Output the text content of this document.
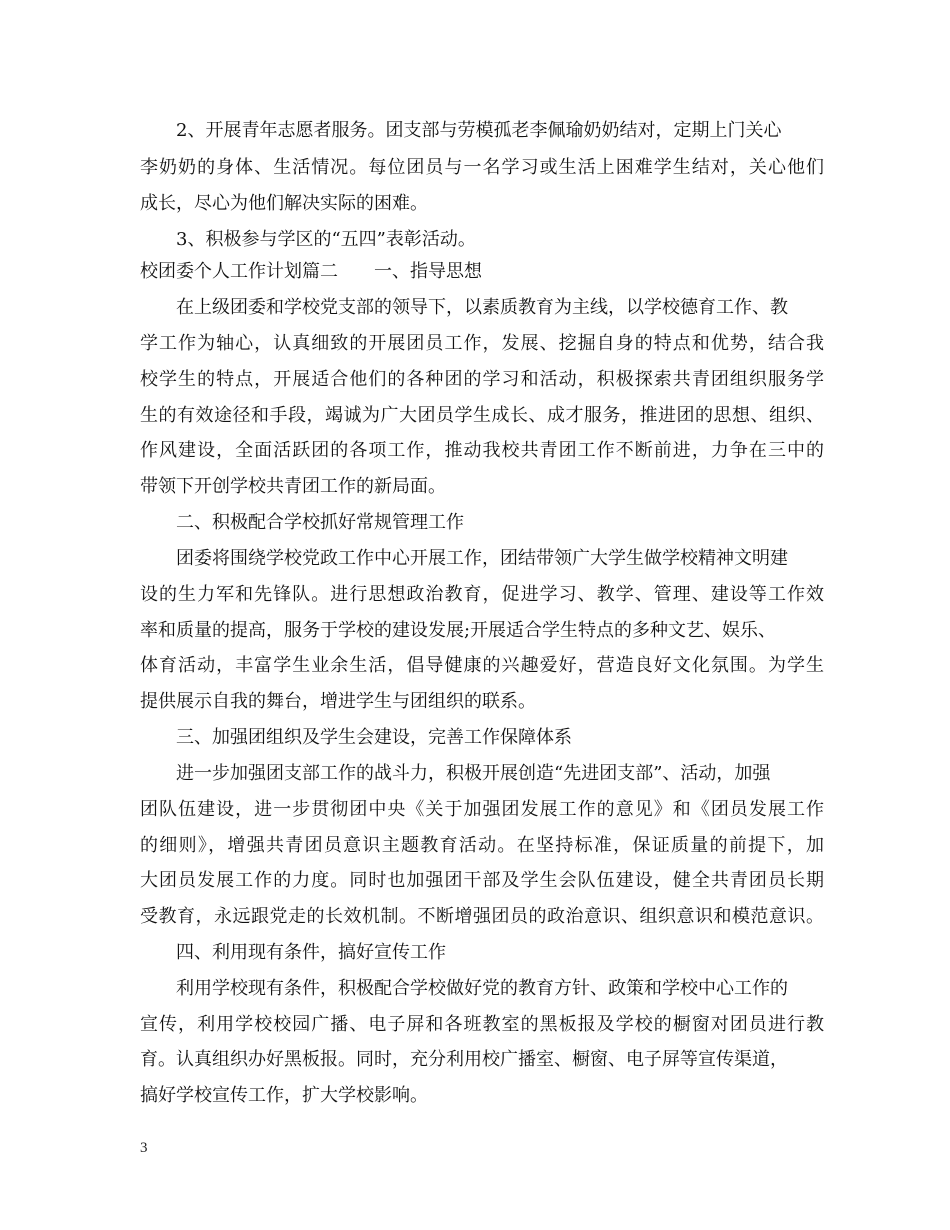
2、开展青年志愿者服务。团支部与劳模孤老李佩瑜奶奶结对，定期上门关心
李奶奶的身体、生活情况。每位团员与一名学习或生活上困难学生结对，关心他们
成长，尽心为他们解决实际的困难。
3、积极参与学区的“五四”表彰活动。
校团委个人工作计划篇二　　一、指导思想
在上级团委和学校党支部的领导下，以素质教育为主线，以学校德育工作、教
学工作为轴心，认真细致的开展团员工作，发展、挖掘自身的特点和优势，结合我
校学生的特点，开展适合他们的各种团的学习和活动，积极探索共青团组织服务学
生的有效途径和手段，竭诚为广大团员学生成长、成才服务，推进团的思想、组织、
作风建设，全面活跃团的各项工作，推动我校共青团工作不断前进，力争在三中的
带领下开创学校共青团工作的新局面。
二、积极配合学校抓好常规管理工作
团委将围绕学校党政工作中心开展工作，团结带领广大学生做学校精神文明建
设的生力军和先锋队。进行思想政治教育，促进学习、教学、管理、建设等工作效
率和质量的提高，服务于学校的建设发展;开展适合学生特点的多种文艺、娱乐、
体育活动，丰富学生业余生活，倡导健康的兴趣爱好，营造良好文化氛围。为学生
提供展示自我的舞台，增进学生与团组织的联系。
三、加强团组织及学生会建设，完善工作保障体系
进一步加强团支部工作的战斗力，积极开展创造“先进团支部”、活动，加强
团队伍建设，进一步贯彻团中央《关于加强团发展工作的意见》和《团员发展工作
的细则》，增强共青团员意识主题教育活动。在坚持标准，保证质量的前提下，加
大团员发展工作的力度。同时也加强团干部及学生会队伍建设，健全共青团员长期
受教育，永远跟党走的长效机制。不断增强团员的政治意识、组织意识和模范意识。
四、利用现有条件，搞好宣传工作
利用学校现有条件，积极配合学校做好党的教育方针、政策和学校中心工作的
宣传，利用学校校园广播、电子屏和各班教室的黑板报及学校的橱窗对团员进行教
育。认真组织办好黑板报。同时，充分利用校广播室、橱窗、电子屏等宣传渠道，
搞好学校宣传工作，扩大学校影响。
3
